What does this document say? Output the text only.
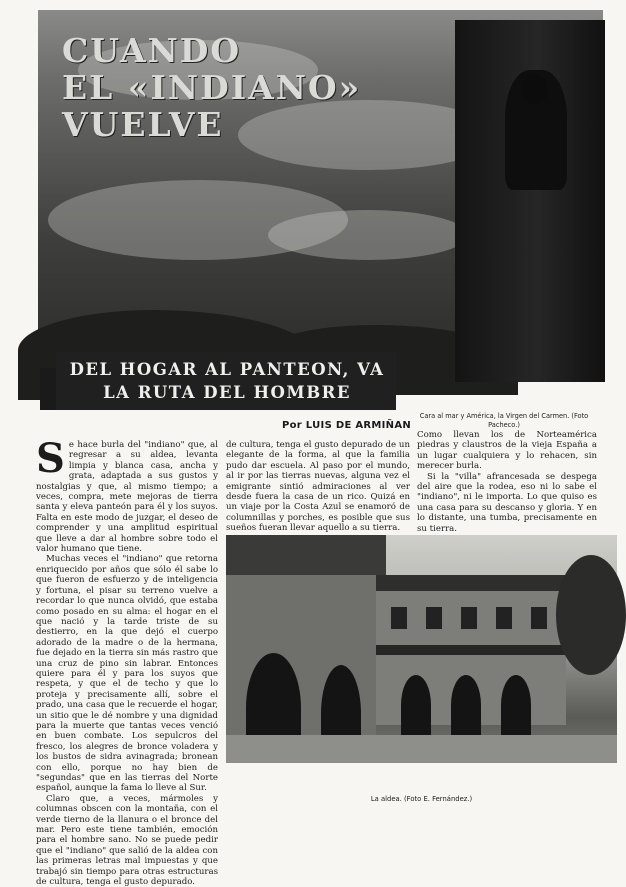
CUANDO
EL «INDIANO»
VUELVE
DEL HOGAR AL PANTEON, VA LA RUTA DEL HOMBRE
Cara al mar y América, la Virgen del Carmen. (Foto Pacheco.)
Por LUIS DE ARMIÑAN

Se hace burla del "indiano" que, al regresar a su aldea, levanta limpia y blanca casa, ancha y grata, adaptada a sus gustos y nostalgias y que, al mismo tiempo; a veces, compra, mete mejoras de tierra santa y eleva panteón para él y los suyos. Falta en este modo de juzgar, el deseo de comprender y una amplitud espiritual que lleve a dar al hombre sobre todo el valor humano que tiene.

Muchas veces el "indiano" que retorna enriquecido por años que sólo él sabe lo que fueron de esfuerzo y de inteligencia y fortuna, el pisar su terreno vuelve a recordar lo que nunca olvidó, que estaba como posado en su alma: el hogar en el que nació y la tarde triste de su destierro, en la que dejó el cuerpo adorado de la madre o de la hermana, fue dejado en la tierra sin más rastro que una cruz de pino sin labrar. Entonces quiere para él y para los suyos que respeta, y que el de techo y que lo proteja y precisamente allí, sobre el prado, una casa que le recuerde el hogar, un sitio que le dé nombre y una dignidad para la muerte que tantas veces venció en buen combate. Los sepulcros del fresco, los alegres de bronce voladera y los bustos de sidra avinagrada; bronean con ello, porque no hay bien de "segundas" que en las tierras del Norte español, aunque la fama lo lleve al Sur.

Claro que, a veces, mármoles y columnas obscen con la montaña, con el verde tierno de la llanura o el bronce del mar. Pero este tiene también, emoción para el hombre sano. No se puede pedir que el "indiano" que salió de la aldea con las primeras letras mal impuestas y que trabajó sin tiempo para otras estructuras de cultura, tenga el gusto depurado.

de cultura, tenga el gusto depurado de un elegante de la forma, al que la familia pudo dar escuela. Al paso por el mundo, al ir por las tierras nuevas, alguna vez el emigrante sintió admiraciones al ver desde fuera la casa de un rico. Quizá en un viaje por la Costa Azul se enamoró de columnillas y porches, es posible que sus sueños fueran llevar aquello a su tierra.

Como llevan los de Norteamérica piedras y claustros de la vieja España a un lugar cualquiera y lo rehacen, sin merecer burla.

Si la "villa" afrancesada se despega del aire que la rodea, eso ni lo sabe el "indiano", ni le importa. Lo que quiso es una casa para su descanso y gloria. Y en lo distante, una tumba, precisamente en su tierra.

La aldea. (Foto E. Fernández.)
